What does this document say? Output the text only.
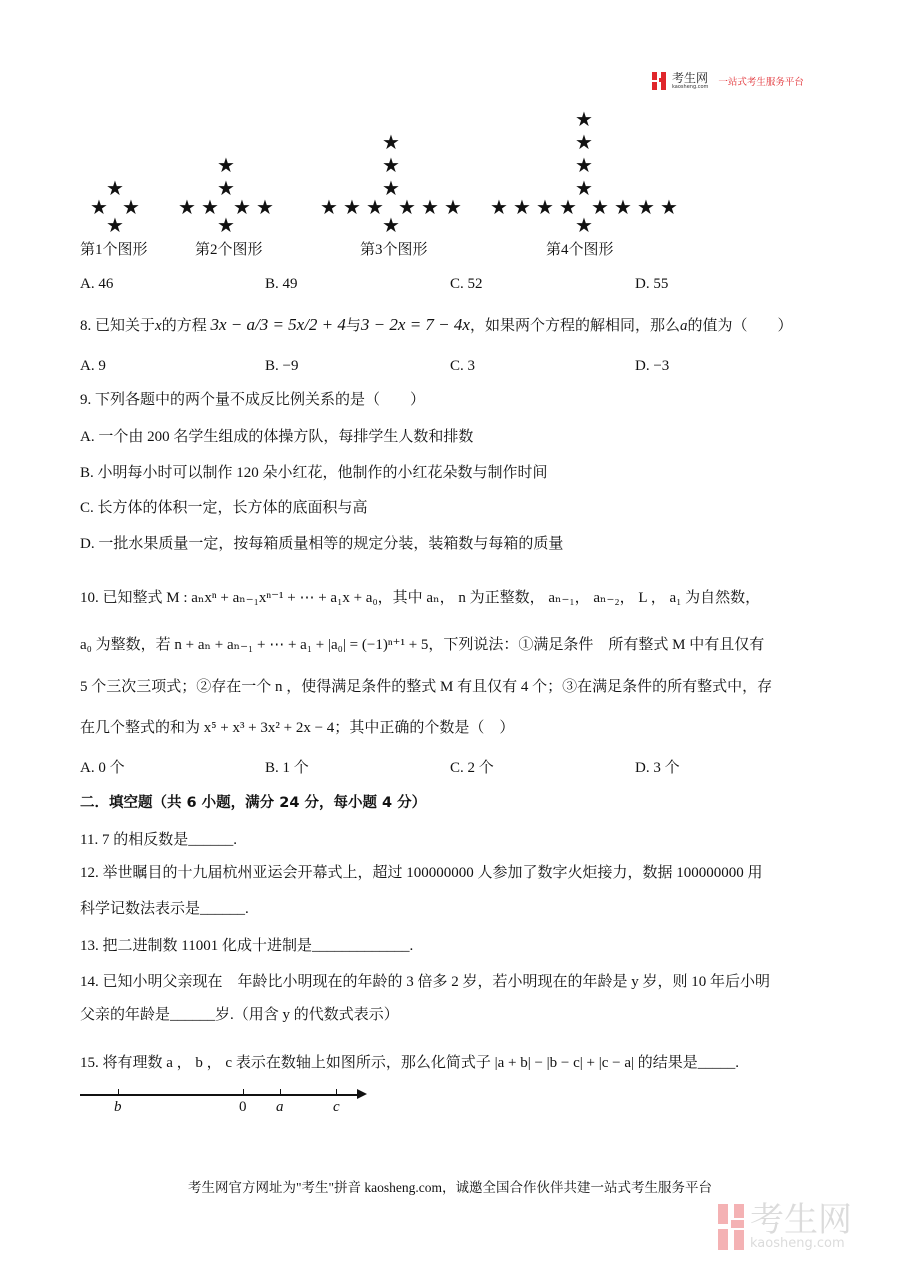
考生网
kaosheng.com 一站式考生服务平台
★ ★
★
★
★ ★
★
★	★
★
★
★ ★
★
★	★
★
★	★
★
★
★ ★
★
★	★
★
★	★
★
★	★
★
★
第1个图形	第2个图形	第3个图形	第4个图形
A. 46	B. 49	C. 52	D. 55
8. 已知关于x的方程 3x − a/3 = 5x/2 + 4与3 − 2x = 7 − 4x，如果两个方程的解相同，那么a的值为（　　）
A. 9	B. −9	C. 3	D. −3
9. 下列各题中的两个量不成反比例关系的是（　　）
A. 一个由 200 名学生组成的体操方队，每排学生人数和排数
B. 小明每小时可以制作 120 朵小红花，他制作的小红花朵数与制作时间
C. 长方体的体积一定，长方体的底面积与高
D. 一批水果质量一定，按每箱质量相等的规定分装，装箱数与每箱的质量
10. 已知整式 M : aₙxⁿ + aₙ₋₁xⁿ⁻¹ + ⋯ + a₁x + a₀，其中 aₙ， n 为正整数， aₙ₋₁， aₙ₋₂， L ， a₁ 为自然数，
a₀ 为整数，若 n + aₙ + aₙ₋₁ + ⋯ + a₁ + |a₀| = (−1)ⁿ⁺¹ + 5，下列说法：①满足条件　所有整式 M 中有且仅有
5 个三次三项式；②存在一个 n ，使得满足条件的整式 M 有且仅有 4 个；③在满足条件的所有整式中，存
在几个整式的和为 x⁵ + x³ + 3x² + 2x − 4；其中正确的个数是（　）
A. 0 个	B. 1 个	C. 2 个	D. 3 个
二．填空题（共 6 小题，满分 24 分，每小题 4 分）
11. 7 的相反数是______.
12. 举世瞩目的十九届杭州亚运会开幕式上，超过 100000000 人参加了数字火炬接力，数据 100000000 用
科学记数法表示是______.
13. 把二进制数 11001 化成十进制是_____________.
14. 已知小明父亲现在　年龄比小明现在的年龄的 3 倍多 2 岁，若小明现在的年龄是 y 岁，则 10 年后小明
父亲的年龄是______岁.（用含 y 的代数式表示）
15. 将有理数 a ， b ， c 表示在数轴上如图所示，那么化简式子 |a + b| − |b − c| + |c − a| 的结果是_____.
b	0 a	c
考生网官方网址为"考生"拼音 kaosheng.com，诚邀全国合作伙伴共建一站式考生服务平台
考生网
kaosheng.com
